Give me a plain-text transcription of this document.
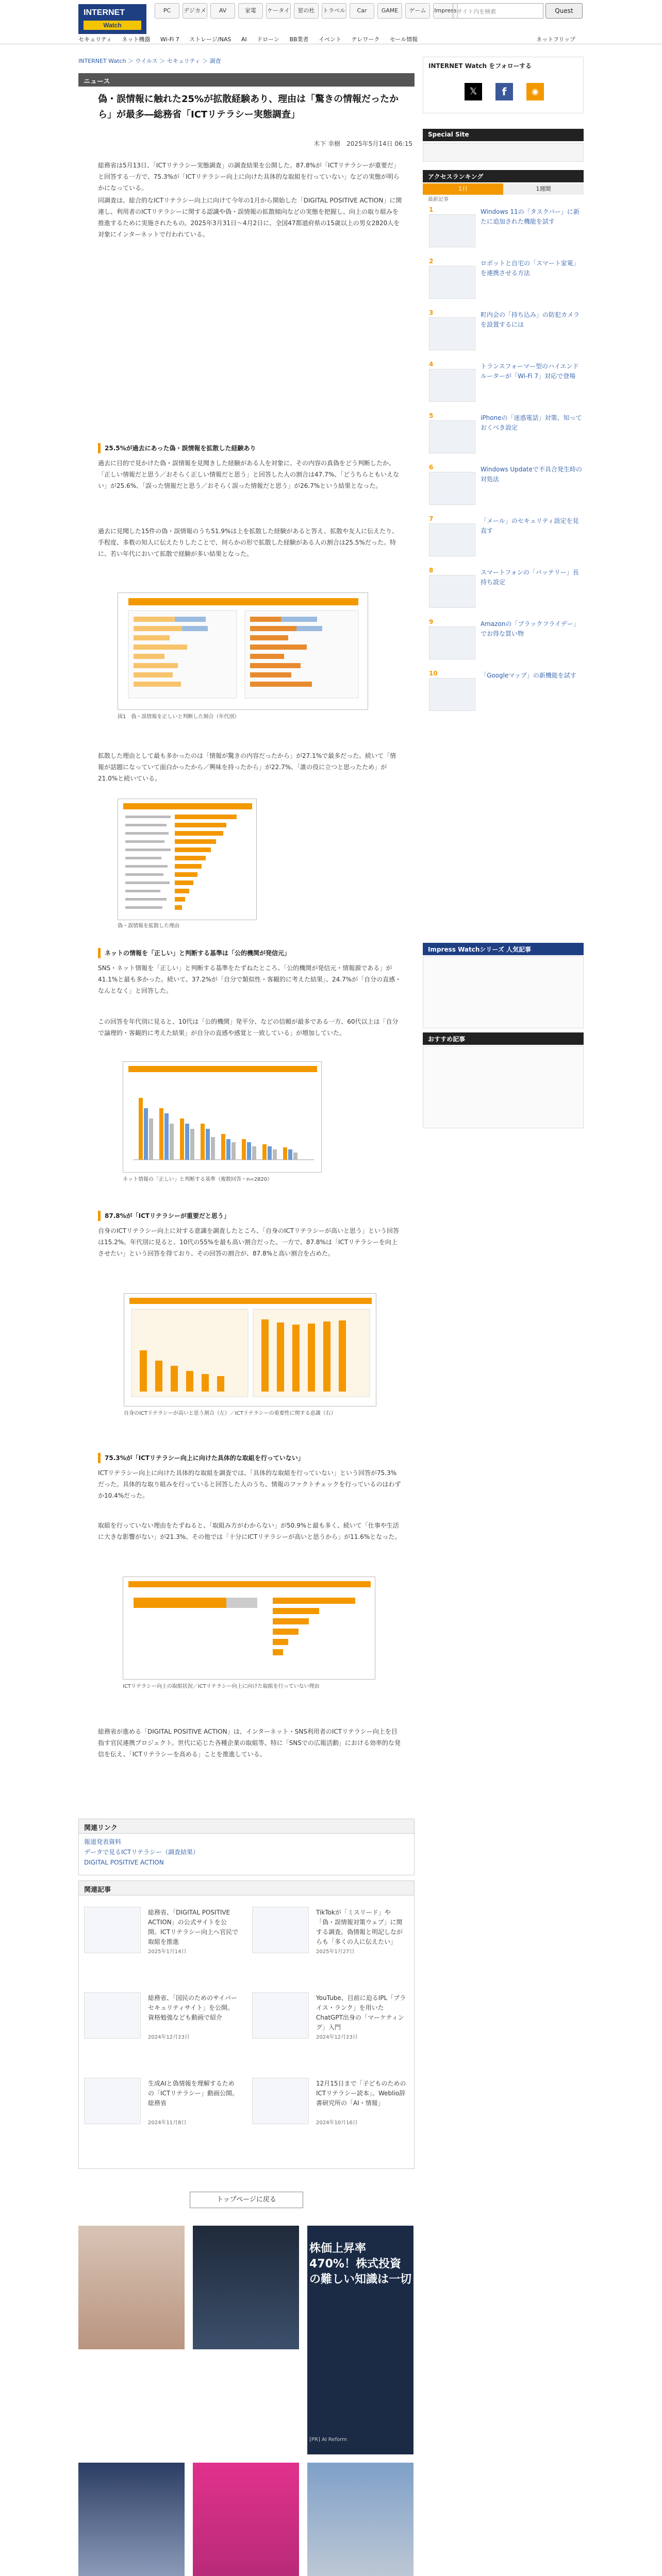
INTERNET
Watch
PC	デジカメ	AV	家電	ケータイ	窓の杜	トラベル	Car	GAME	ゲーム	Impress サイト内を検索	Quest
セキュリティ ネット機器 Wi-Fi 7 ストレージ/NAS AI ドローン BB業者 イベント テレワーク セール情報	ネットフリップ
INTERNET Watch ＞ ウイルス ＞ セキュリティ ＞ 調査
ニュース
偽・誤情報に触れた25%が拡散経験あり、理由は「驚きの情報だったから」が最多―総務省「ICTリテラシー実態調査」
木下 幸樹　2025年5月14日 06:15
総務省は5月13日、「ICTリテラシー実態調査」の調査結果を公開した。87.8%が「ICTリテラシーが重要だ」と回答する一方で、75.3%が「ICTリテラシー向上に向けた具体的な取組を行っていない」などの実態が明らかになっている。
同調査は、総合的なICTリテラシー向上に向けて今年の1月から開始した「DIGITAL POSITIVE ACTION」に関連し、利用者のICTリテラシーに関する認識や偽・誤情報の拡散傾向などの実態を把握し、向上の取り組みを推進するために実施されたもの。2025年3月31日～4月2日に、全国47都道府県の15歳以上の男女2820人を対象にインターネットで行われている。
25.5%が過去にあった偽・誤情報を拡散した経験あり
過去に目的で見かけた偽・誤情報を見聞きした経験がある人を対象に、その内容の真偽をどう判断したか、「正しい情報だと思う／おそらく正しい情報だと思う」と回答した人の割合は47.7%、「どうちらともいえない」が25.6%、「誤った情報だと思う／おそらく誤った情報だと思う」が26.7%という結果となった。
過去に見聞した15件の偽・誤情報のうち51.9%は上を拡散した経験があると答え、拡散や友人に伝えたり、手程度、多数の知人に伝えたりしたことで、何らかの形で拡散した経験がある人の割合は25.5%だった。特に、若い年代において拡散で経験が多い結果となった。
図1　偽・誤情報を正しいと判断した割合（年代別）
拡散した理由として最も多かったのは「情報が驚きの内容だったから」が27.1%で最多だった。続いて「情報が話題になっていて面白かったから／興味を持ったから」が22.7%、「誰の役に立つと思ったため」が21.0%と続いている。
偽・誤情報を拡散した理由
ネットの情報を「正しい」と判断する基準は「公的機関が発信元」
SNS・ネット情報を「正しい」と判断する基準をたずねたところ、「公的機関が発信元・情報源である」が41.1%と最も多かった。続いて、37.2%が「自分で類似性・客観的に考えた結果」、24.7%が「自分の直感・なんとなく」と回答した。
この回答を年代別に見ると、10代は「公的機関」発平分、などの信頼が最多である一方、60代以上は「自分で論理的・客観的に考えた結果」が自分の直感や感覚と一致している」が増加していた。
ネット情報の「正しい」と判断する基準（複数回答・n=2820）
87.8%が「ICTリテラシーが重要だと思う」
自身のICTリテラシー向上に対する意識を調査したところ、「自身のICTリテラシーが高いと思う」という回答は15.2%。年代別に見ると、10代の55%を最も高い割合だった。一方で、87.8%は「ICTリテラシーを向上させたい」という回答を得ており、その回答の割合が、87.8%と高い割合を占めた。
自身のICTリテラシーが高いと思う割合（左）／ICTリテラシーの重要性に関する意識（右）
75.3%が「ICTリテラシー向上に向けた具体的な取組を行っていない」
ICTリテラシー向上に向けた具体的な取組を調査では、「具体的な取組を行っていない」という回答が75.3%だった。具体的な取り組みを行っていると回答した人のうち、情報のファクトチェックを行っているのはわずか10.4%だった。
取組を行っていない理由をたずねると、「取組み方がわからない」が50.9%と最も多く、続いて「仕事や生活に大きな影響がない」が21.3%、その他では「十分にICTリテラシーが高いと思うから」が11.6%となった。
ICTリテラシー向上の取組状況／ICTリテラシー向上に向けた取組を行っていない理由
総務省が進める「DIGITAL POSITIVE ACTION」は、インターネット・SNS利用者のICTリテラシー向上を目指す官民連携プロジェクト。世代に応じた各種企業の取組等、特に「SNSでの広報活動」における効率的な発信を伝え、「ICTリテラシーを高める」ことを推進している。
関連リンク
報道発表資料
データで見るICTリテラシー（調査結果）
DIGITAL POSITIVE ACTION
関連記事
総務省、「DIGITAL POSITIVE ACTION」の公式サイトを公開。ICTリテラシー向上へ官民で取組を推進
2025年1月14日
TikTokが「ミスリード」や「偽・誤情報対策ウェブ」に関する調査。偽情報と明記しながらも「多くの人に伝えたい」
2025年1月27日
総務省、「国民のためのサイバーセキュリティサイト」を公開。資格勉強なども動画で紹介
2024年12月23日
YouTube、目前に迫るIPL「プライス・ランク」を用いたChatGPT出身の「マーケティング」入門
2024年12月23日
生成AIと偽情報を理解するための「ICTリテラシー」動画公開。総務省
2024年11月8日
12月15日まで「子どものためのICTリテラシー読本」。Weblio辞書研究所の「AI・情報」
2024年10月16日
トップページに戻る
株価上昇率470%！株式投資の難しい知識は一切
[PR] AI Reform
INTERNET Watch をフォローする
𝕏	f	◉
Special Site
アクセスランキング
1日	1週間
最新記事
1	Windows 11の「タスクバー」に新たに追加された機能を試す
2	ロボットと自宅の「スマート家電」を連携させる方法
3	町内会の「持ち込み」の防犯カメラを設置するには
4	トランスフォーマー型のハイエンドルーターが「Wi-Fi 7」対応で登場
5	iPhoneの「迷惑電話」対策、知っておくべき設定
6	Windows Updateで不具合発生時の対処法
7	「メール」のセキュリティ設定を見直す
8	スマートフォンの「バッテリー」長持ち設定
9	Amazonの「ブラックフライデー」でお得な買い物
10	「Googleマップ」の新機能を試す
Impress Watchシリーズ 人気記事
おすすめ記事
